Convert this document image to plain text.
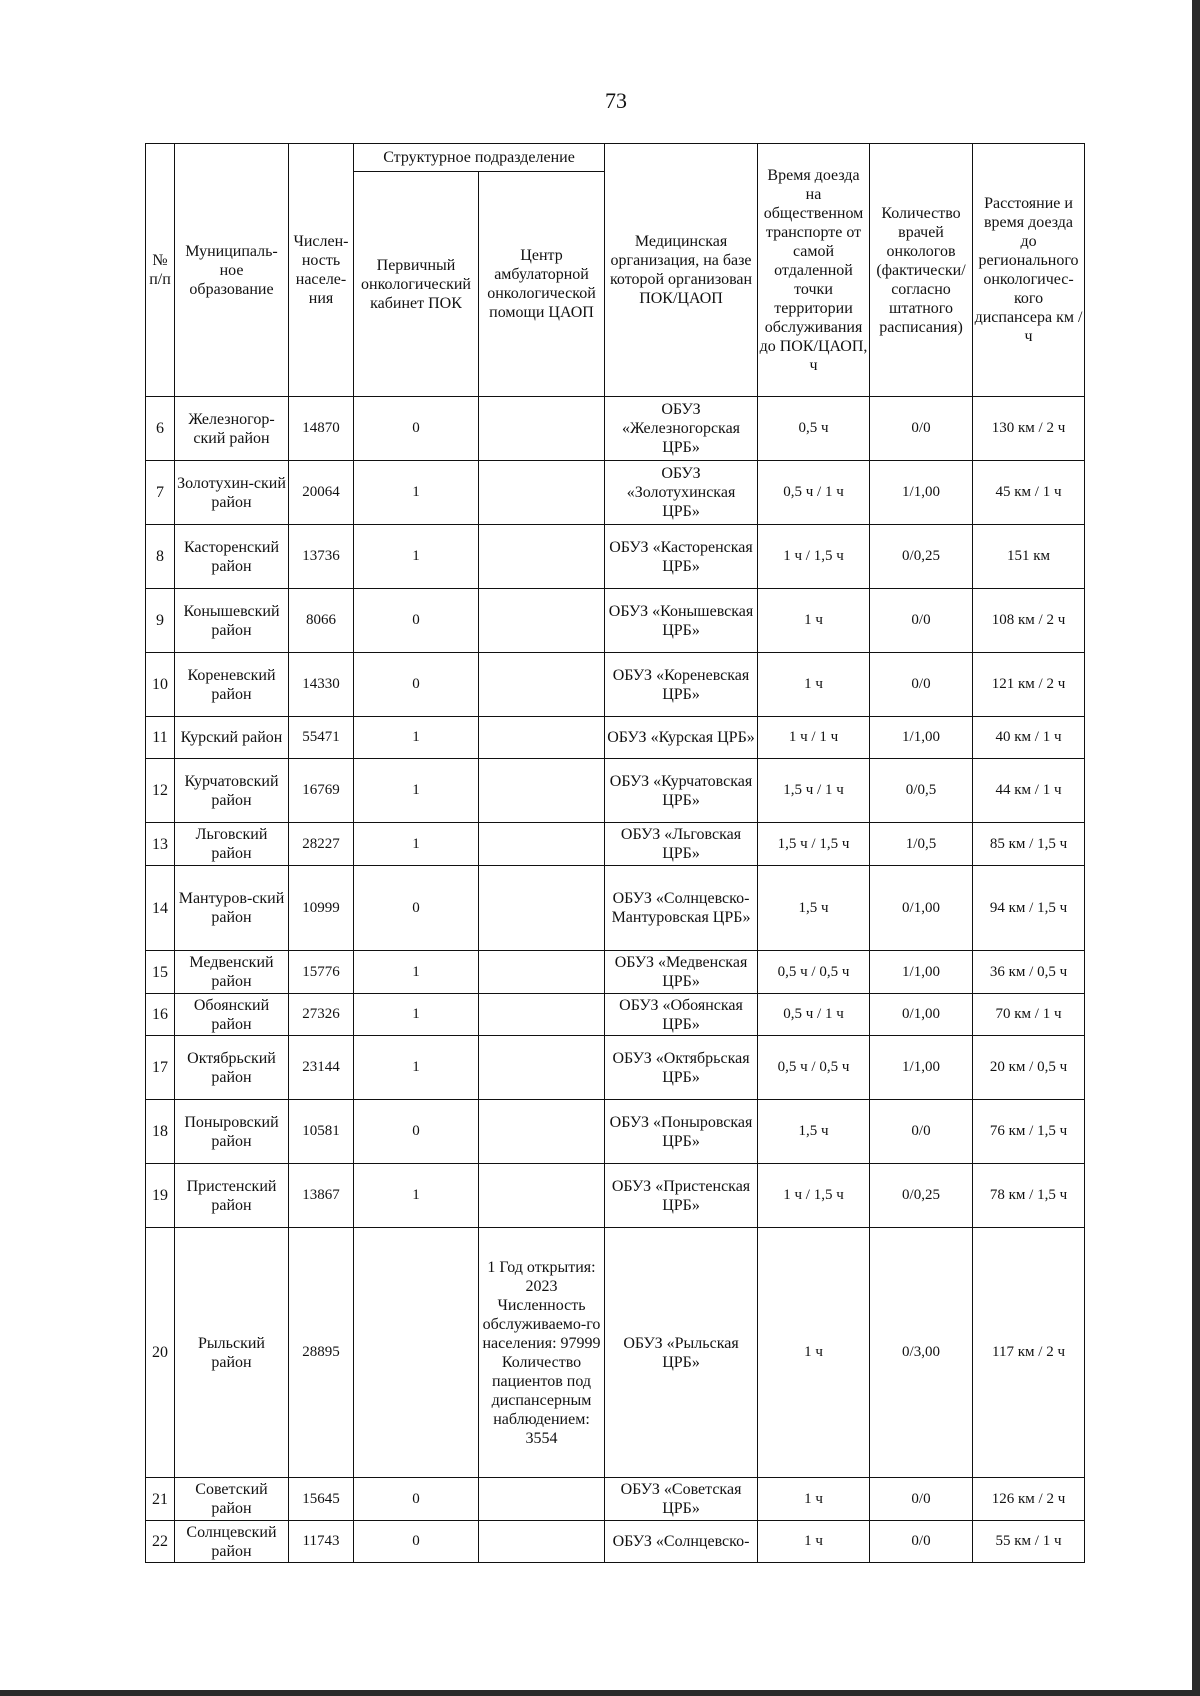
73
№ п/п	Муниципаль-ное образование	Числен-ность населе-ния	Структурное подразделение		Медицинская организация, на базе которой организован ПОК/ЦАОП	Время доезда на общественном транспорте от самой отдаленной точки территории обслуживания до ПОК/ЦАОП, ч	Количество врачей онкологов (фактически/согласно штатного расписания)	Расстояние и время доезда до регионального онкологичес-кого диспансера км / ч
			Первичный онкологический кабинет ПОК	Центр амбулаторной онкологической помощи ЦАОП				
6	Железногор-ский район	14870	0		ОБУЗ «Железногорская ЦРБ»	0,5 ч	0/0	130 км / 2 ч
7	Золотухин-ский район	20064	1		ОБУЗ «Золотухинская ЦРБ»	0,5 ч / 1 ч	1/1,00	45 км / 1 ч
8	Касторенский район	13736	1		ОБУЗ «Касторенская ЦРБ»	1 ч / 1,5 ч	0/0,25	151 км
9	Конышевский район	8066	0		ОБУЗ «Конышевская ЦРБ»	1 ч	0/0	108 км / 2 ч
10	Кореневский район	14330	0		ОБУЗ «Кореневская ЦРБ»	1 ч	0/0	121 км / 2 ч
11	Курский район	55471	1		ОБУЗ «Курская ЦРБ»	1 ч / 1 ч	1/1,00	40 км / 1 ч
12	Курчатовский район	16769	1		ОБУЗ «Курчатовская ЦРБ»	1,5 ч / 1 ч	0/0,5	44 км / 1 ч
13	Льговский район	28227	1		ОБУЗ «Льговская ЦРБ»	1,5 ч / 1,5 ч	1/0,5	85 км / 1,5 ч
14	Мантуров-ский район	10999	0		ОБУЗ «Солнцевско-Мантуровская ЦРБ»	1,5 ч	0/1,00	94 км / 1,5 ч
15	Медвенский район	15776	1		ОБУЗ «Медвенская ЦРБ»	0,5 ч / 0,5 ч	1/1,00	36 км / 0,5 ч
16	Обоянский район	27326	1		ОБУЗ «Обоянская ЦРБ»	0,5 ч / 1 ч	0/1,00	70 км / 1 ч
17	Октябрьский район	23144	1		ОБУЗ «Октябрьская ЦРБ»	0,5 ч / 0,5 ч	1/1,00	20 км / 0,5 ч
18	Поныровский район	10581	0		ОБУЗ «Поныровская ЦРБ»	1,5 ч	0/0	76 км / 1,5 ч
19	Пристенский район	13867	1		ОБУЗ «Пристенская ЦРБ»	1 ч / 1,5 ч	0/0,25	78 км / 1,5 ч
20	Рыльский район	28895		1 Год открытия: 2023 Численность обслуживаемо-го населения: 97999 Количество пациентов под диспансерным наблюдением: 3554	ОБУЗ «Рыльская ЦРБ»	1 ч	0/3,00	117 км / 2 ч
21	Советский район	15645	0		ОБУЗ «Советская ЦРБ»	1 ч	0/0	126 км / 2 ч
22	Солнцевский район	11743	0		ОБУЗ «Солнцевско-	1 ч	0/0	55 км / 1 ч
